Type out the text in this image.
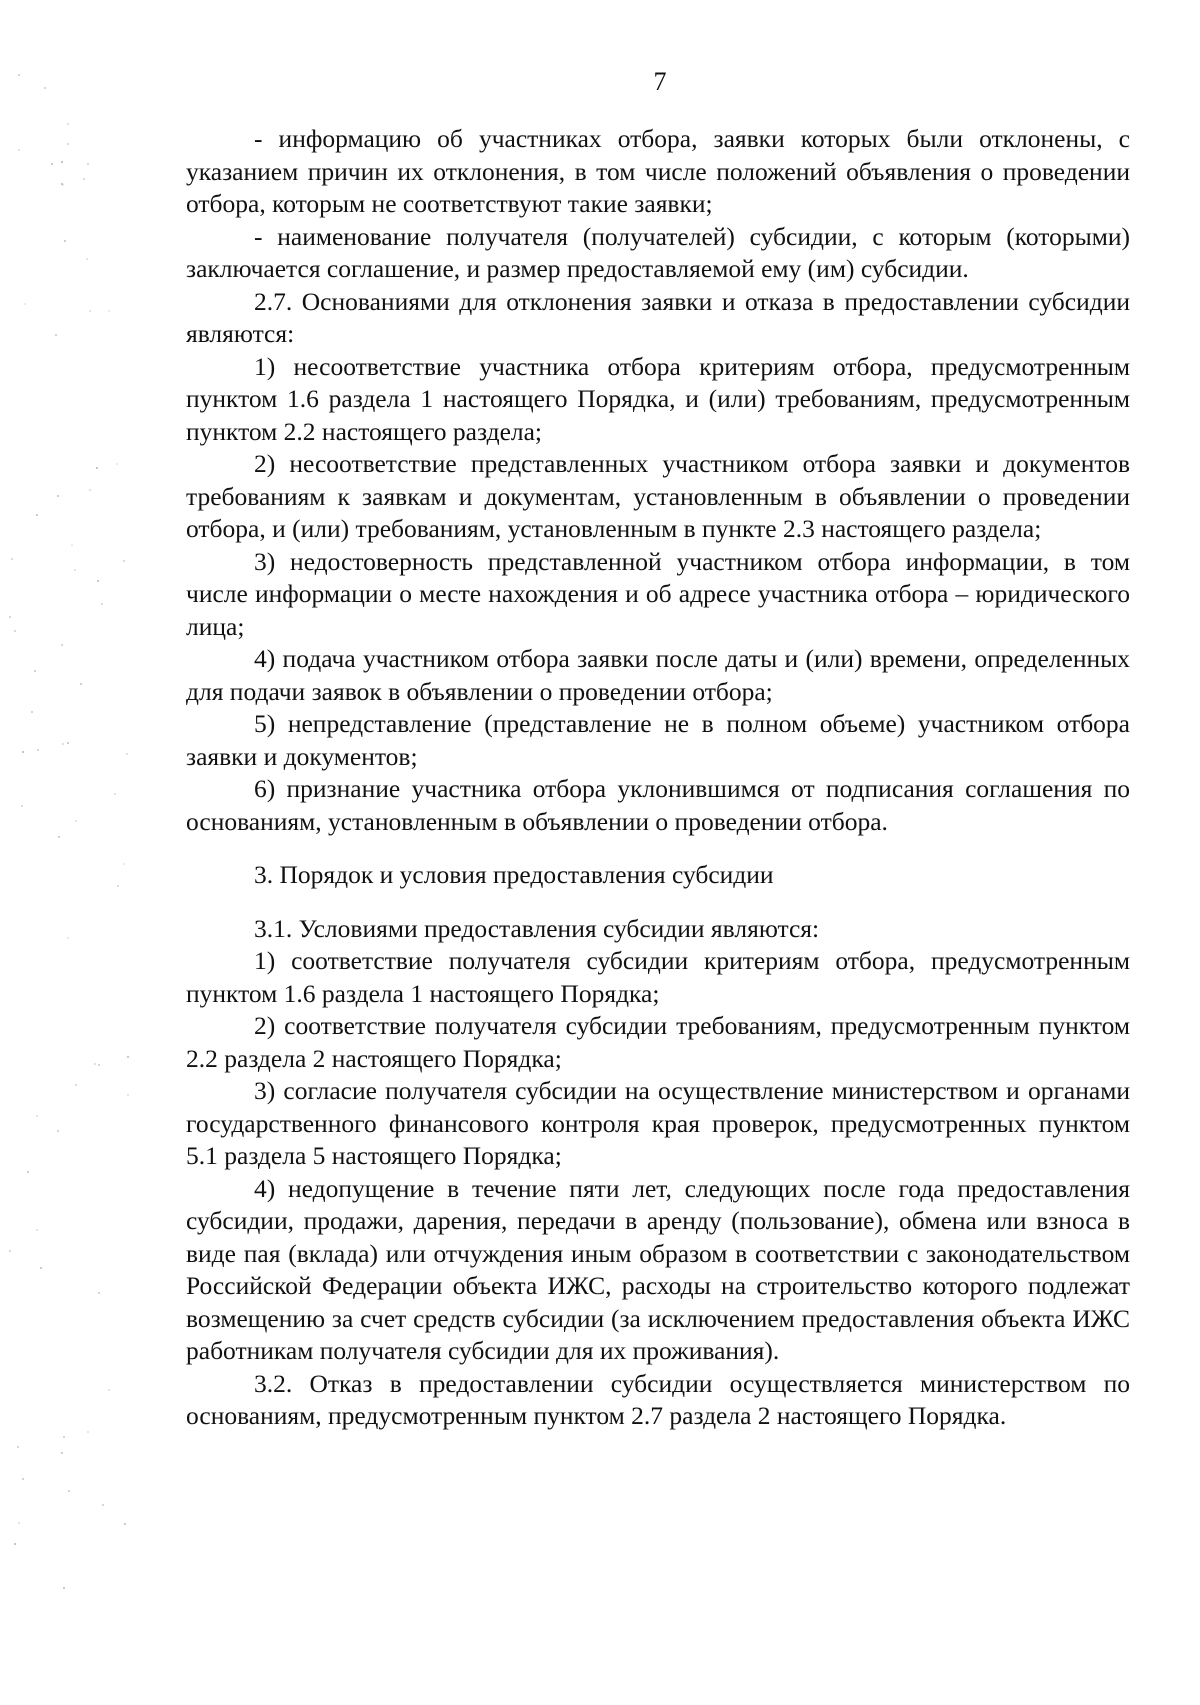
7

- информацию об участниках отбора, заявки которых были отклонены, с указанием причин их отклонения, в том числе положений объявления о проведении отбора, которым не соответствуют такие заявки;

- наименование получателя (получателей) субсидии, с которым (которыми) заключается соглашение, и размер предоставляемой ему (им) субсидии.

2.7. Основаниями для отклонения заявки и отказа в предоставлении субсидии являются:

1) несоответствие участника отбора критериям отбора, предусмотренным пунктом 1.6 раздела 1 настоящего Порядка, и (или) требованиям, предусмотренным пунктом 2.2 настоящего раздела;

2) несоответствие представленных участником отбора заявки и документов требованиям к заявкам и документам, установленным в объявлении о проведении отбора, и (или) требованиям, установленным в пункте 2.3 настоящего раздела;

3) недостоверность представленной участником отбора информации, в том числе информации о месте нахождения и об адресе участника отбора – юридического лица;

4) подача участником отбора заявки после даты и (или) времени, определенных для подачи заявок в объявлении о проведении отбора;

5) непредставление (представление не в полном объеме) участником отбора заявки и документов;

6) признание участника отбора уклонившимся от подписания соглашения по основаниям, установленным в объявлении о проведении отбора.

3. Порядок и условия предоставления субсидии

3.1. Условиями предоставления субсидии являются:

1) соответствие получателя субсидии критериям отбора, предусмотренным пунктом 1.6 раздела 1 настоящего Порядка;

2) соответствие получателя субсидии требованиям, предусмотренным пунктом 2.2 раздела 2 настоящего Порядка;

3) согласие получателя субсидии на осуществление министерством и органами государственного финансового контроля края проверок, предусмотренных пунктом 5.1 раздела 5 настоящего Порядка;

4) недопущение в течение пяти лет, следующих после года предоставления субсидии, продажи, дарения, передачи в аренду (пользование), обмена или взноса в виде пая (вклада) или отчуждения иным образом в соответствии с законодательством Российской Федерации объекта ИЖС, расходы на строительство которого подлежат возмещению за счет средств субсидии (за исключением предоставления объекта ИЖС работникам получателя субсидии для их проживания).

3.2. Отказ в предоставлении субсидии осуществляется министерством по основаниям, предусмотренным пунктом 2.7 раздела 2 настоящего Порядка.
